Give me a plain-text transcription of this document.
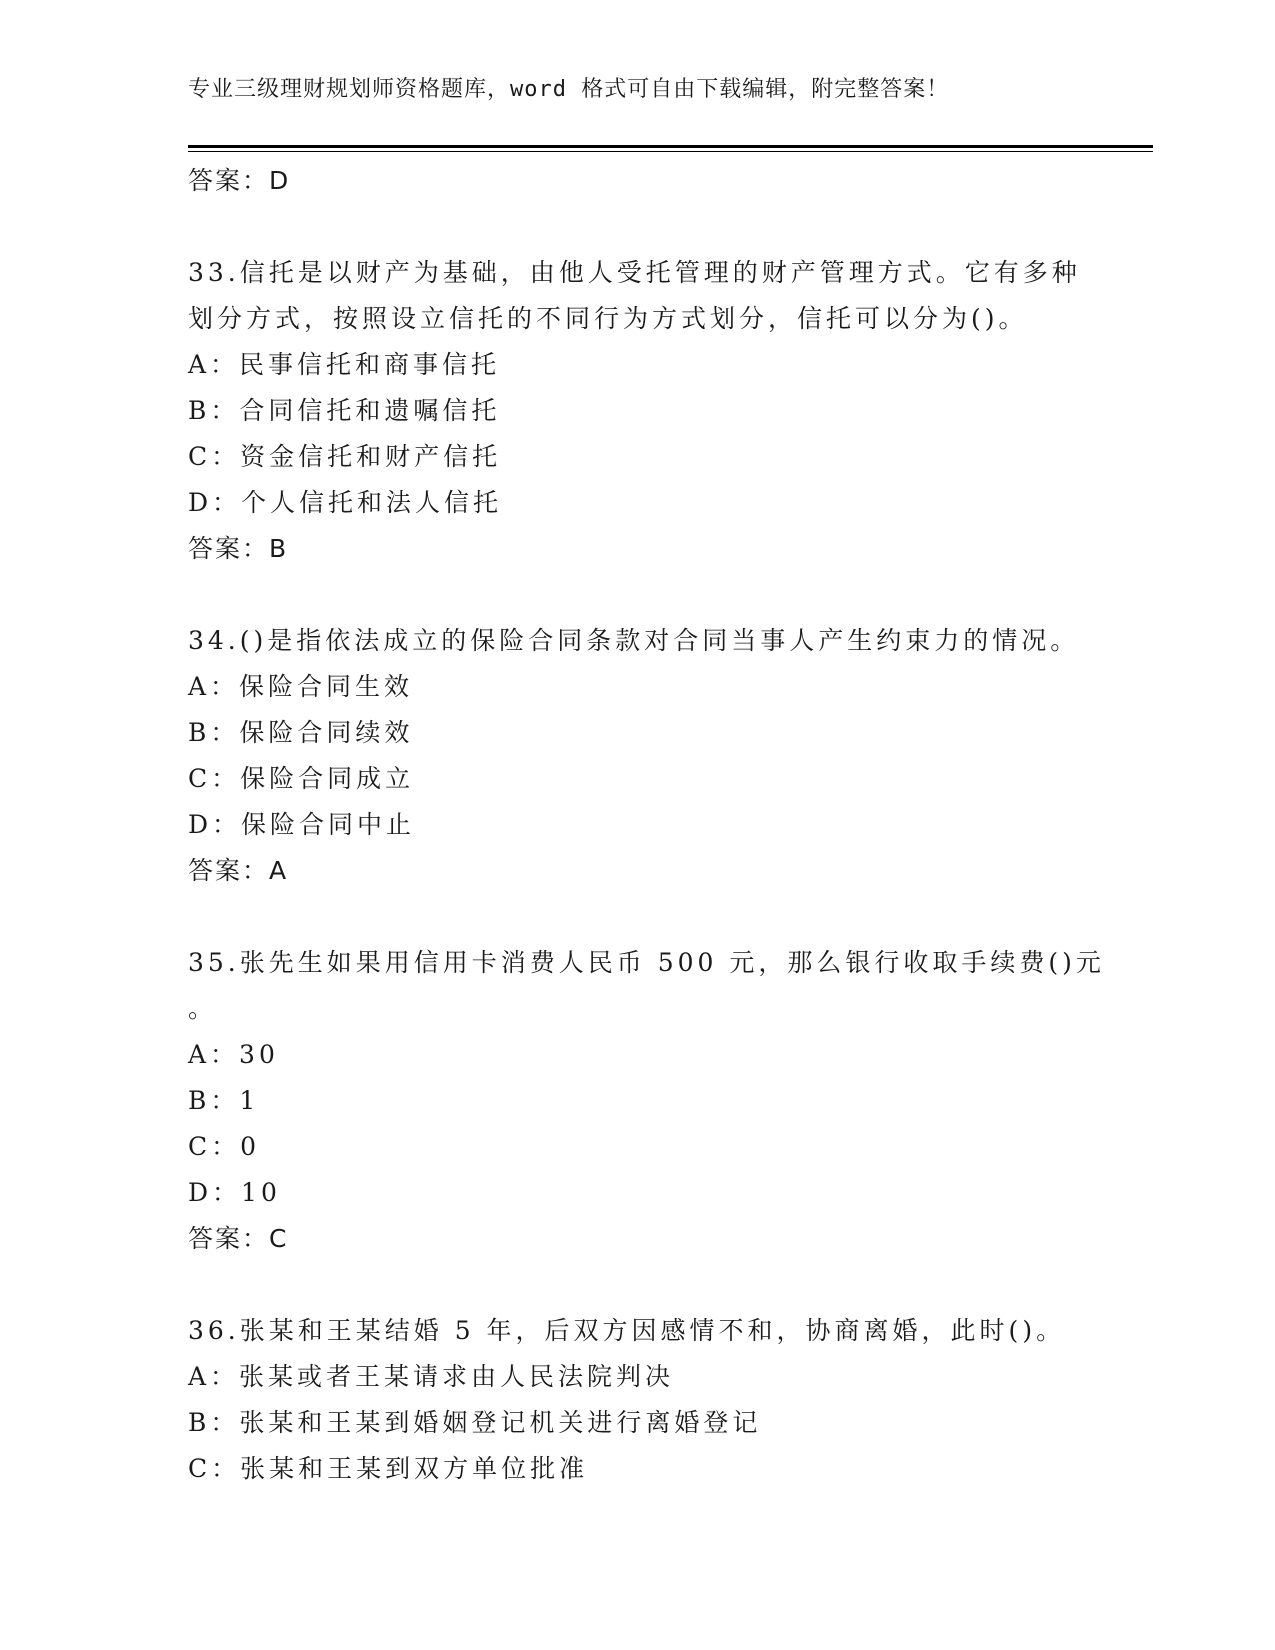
专业三级理财规划师资格题库，word 格式可自由下载编辑，附完整答案！
答案：D
33.信托是以财产为基础，由他人受托管理的财产管理方式。它有多种
划分方式，按照设立信托的不同行为方式划分，信托可以分为()。
A：民事信托和商事信托
B：合同信托和遗嘱信托
C：资金信托和财产信托
D：个人信托和法人信托
答案：B
34.()是指依法成立的保险合同条款对合同当事人产生约束力的情况。
A：保险合同生效
B：保险合同续效
C：保险合同成立
D：保险合同中止
答案：A
35.张先生如果用信用卡消费人民币 500 元，那么银行收取手续费()元
。
A：30
B：1
C：0
D：10
答案：C
36.张某和王某结婚 5 年，后双方因感情不和，协商离婚，此时()。
A：张某或者王某请求由人民法院判决
B：张某和王某到婚姻登记机关进行离婚登记
C：张某和王某到双方单位批准
